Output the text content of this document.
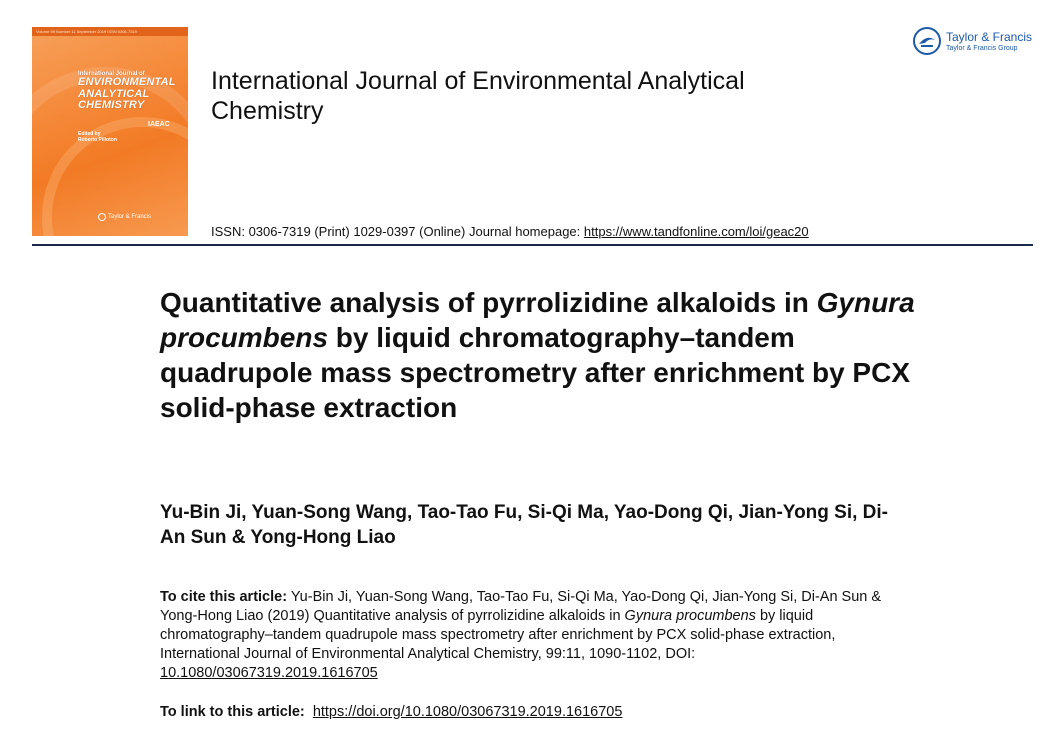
Volume 99 Number 11 September 2019 ISSN 0306-7319
International Journal of
ENVIRONMENTAL
ANALYTICAL
CHEMISTRY
IAEAC
Edited by
Roberto Pilloton
Taylor & Francis
International Journal of Environmental Analytical Chemistry
ISSN: 0306-7319 (Print) 1029-0397 (Online) Journal homepage: https://www.tandfonline.com/loi/geac20
Taylor & Francis
Taylor & Francis Group
Quantitative analysis of pyrrolizidine alkaloids in Gynura procumbens by liquid chromatography–tandem quadrupole mass spectrometry after enrichment by PCX solid-phase extraction
Yu-Bin Ji, Yuan-Song Wang, Tao-Tao Fu, Si-Qi Ma, Yao-Dong Qi, Jian-Yong Si, Di-An Sun & Yong-Hong Liao
To cite this article: Yu-Bin Ji, Yuan-Song Wang, Tao-Tao Fu, Si-Qi Ma, Yao-Dong Qi, Jian-Yong Si, Di-An Sun & Yong-Hong Liao (2019) Quantitative analysis of pyrrolizidine alkaloids in Gynura procumbens by liquid chromatography–tandem quadrupole mass spectrometry after enrichment by PCX solid-phase extraction, International Journal of Environmental Analytical Chemistry, 99:11, 1090-1102, DOI: 10.1080/03067319.2019.1616705
To link to this article:  https://doi.org/10.1080/03067319.2019.1616705
